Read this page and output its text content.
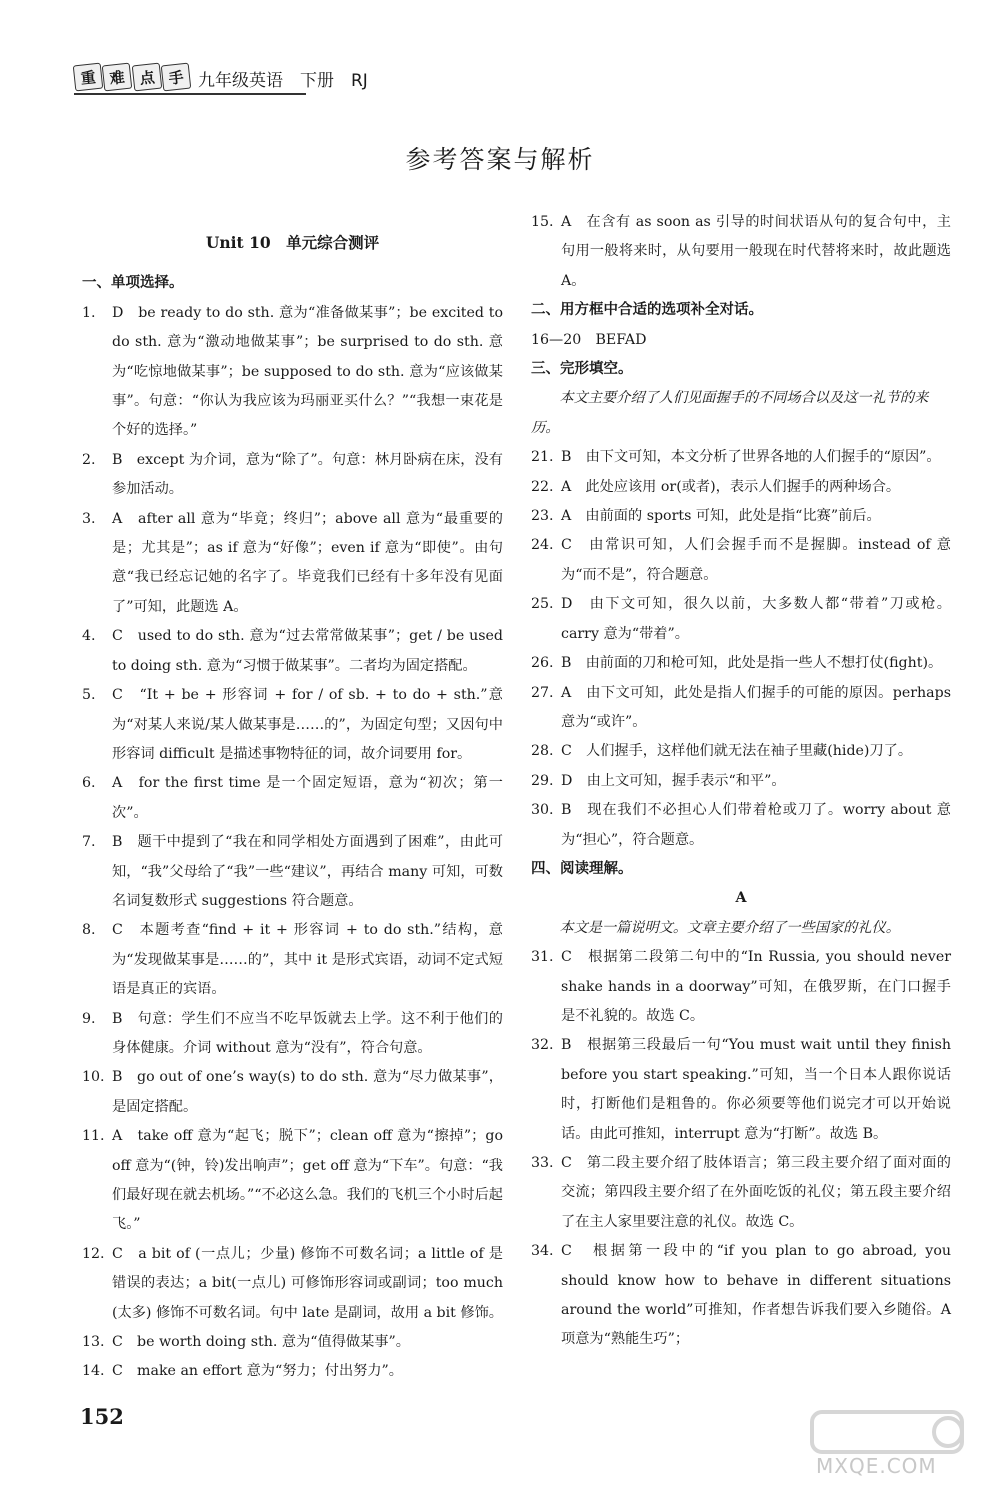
重 难 点 手 九年级英语　下册　RJ
参考答案与解析

Unit 10　单元综合测评

一、单项选择。

1.	D　be ready to do sth. 意为“准备做某事”；be excited to do sth. 意为“激动地做某事”；be surprised to do sth. 意为“吃惊地做某事”；be supposed to do sth. 意为“应该做某事”。句意：“你认为我应该为玛丽亚买什么？”“我想一束花是个好的选择。”
2.	B　except 为介词，意为“除了”。句意：林月卧病在床，没有参加活动。
3.	A　after all 意为“毕竟；终归”；above all 意为“最重要的是；尤其是”；as if 意为“好像”；even if 意为“即使”。由句意“我已经忘记她的名字了。毕竟我们已经有十多年没有见面了”可知，此题选 A。
4.	C　used to do sth. 意为“过去常常做某事”；get / be used to doing sth. 意为“习惯于做某事”。二者均为固定搭配。
5.	C　“It + be + 形容词 + for / of sb. + to do + sth.”意为“对某人来说/某人做某事是……的”，为固定句型；又因句中形容词 difficult 是描述事物特征的词，故介词要用 for。
6.	A　for the first time 是一个固定短语，意为“初次；第一次”。
7.	B　题干中提到了“我在和同学相处方面遇到了困难”，由此可知，“我”父母给了“我”一些“建议”，再结合 many 可知，可数名词复数形式 suggestions 符合题意。
8.	C　本题考查“find + it + 形容词 + to do sth.”结构，意为“发现做某事是……的”，其中 it 是形式宾语，动词不定式短语是真正的宾语。
9.	B　句意：学生们不应当不吃早饭就去上学。这不利于他们的身体健康。介词 without 意为“没有”，符合句意。
10. B　go out of one’s way(s) to do sth. 意为“尽力做某事”，是固定搭配。
11. A　take off 意为“起飞；脱下”；clean off 意为“擦掉”；go off 意为“(钟，铃)发出响声”；get off 意为“下车”。句意：“我们最好现在就去机场。”“不必这么急。我们的飞机三个小时后起飞。”
12. C　a bit of (一点儿；少量) 修饰不可数名词；a little of 是错误的表达；a bit(一点儿) 可修饰形容词或副词；too much (太多) 修饰不可数名词。句中 late 是副词，故用 a bit 修饰。
13. C　be worth doing sth. 意为“值得做某事”。
14. C　make an effort 意为“努力；付出努力”。
15. A　在含有 as soon as 引导的时间状语从句的复合句中，主句用一般将来时，从句要用一般现在时代替将来时，故此题选 A。

二、用方框中合适的选项补全对话。

16—20　BEFAD

三、完形填空。

本文主要介绍了人们见面握手的不同场合以及这一礼节的来历。

21. B　由下文可知，本文分析了世界各地的人们握手的“原因”。
22. A　此处应该用 or(或者)，表示人们握手的两种场合。
23. A　由前面的 sports 可知，此处是指“比赛”前后。
24. C　由常识可知，人们会握手而不是握脚。instead of 意为“而不是”，符合题意。
25. D　由下文可知，很久以前，大多数人都“带着”刀或枪。carry 意为“带着”。
26. B　由前面的刀和枪可知，此处是指一些人不想打仗(fight)。
27. A　由下文可知，此处是指人们握手的可能的原因。perhaps 意为“或许”。
28. C　人们握手，这样他们就无法在袖子里藏(hide)刀了。
29. D　由上文可知，握手表示“和平”。
30. B　现在我们不必担心人们带着枪或刀了。worry about 意为“担心”，符合题意。

四、阅读理解。

A

本文是一篇说明文。文章主要介绍了一些国家的礼仪。

31. C　根据第二段第二句中的“In Russia, you should never shake hands in a doorway”可知，在俄罗斯，在门口握手是不礼貌的。故选 C。
32. B　根据第三段最后一句“You must wait until they finish before you start speaking.”可知，当一个日本人跟你说话时，打断他们是粗鲁的。你必须要等他们说完才可以开始说话。由此可推知，interrupt 意为“打断”。故选 B。
33. C　第二段主要介绍了肢体语言；第三段主要介绍了面对面的交流；第四段主要介绍了在外面吃饭的礼仪；第五段主要介绍了在主人家里要注意的礼仪。故选 C。
34. C　根据第一段中的“if you plan to go abroad, you should know how to behave in different situations around the world”可推知，作者想告诉我们要入乡随俗。A 项意为“熟能生巧”；
152
MXQE.COM
